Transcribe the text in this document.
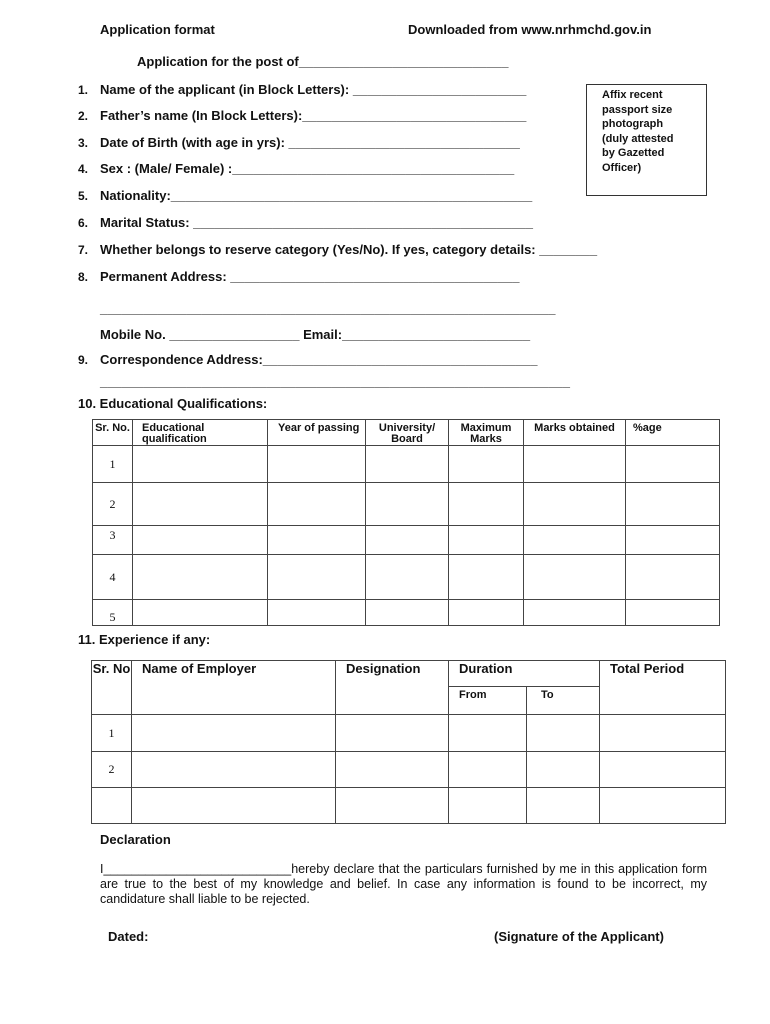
Application format	Downloaded from www.nrhmchd.gov.in
Application for the post of_____________________________
Affix recent
passport size
photograph
(duly attested
by Gazetted
Officer)
1. Name of the applicant (in Block Letters): ________________________
2. Father’s name (In Block Letters):_______________________________
3. Date of Birth (with age in yrs): ________________________________
4. Sex : (Male/ Female) :_______________________________________
5. Nationality:__________________________________________________
6. Marital Status: _______________________________________________
7. Whether belongs to reserve category (Yes/No). If yes, category details: ________
8. Permanent Address: ________________________________________
_______________________________________________________________
Mobile No. __________________ Email:__________________________
9. Correspondence Address:______________________________________
_________________________________________________________________
10. Educational Qualifications:
Sr. No.	Educational qualification	Year of passing	University/ Board	Maximum Marks	Marks obtained	%age
1						
2						
3						
4						
5						
11. Experience if any:
Sr. No	Name of Employer	Designation	Duration		Total Period
			From	To	
1					
2					

Declaration
I___________________________hereby declare that the particulars furnished by me in this application form are true to the best of my knowledge and belief. In case any information is found to be incorrect, my candidature shall liable to be rejected.
Dated:	(Signature of the Applicant)
